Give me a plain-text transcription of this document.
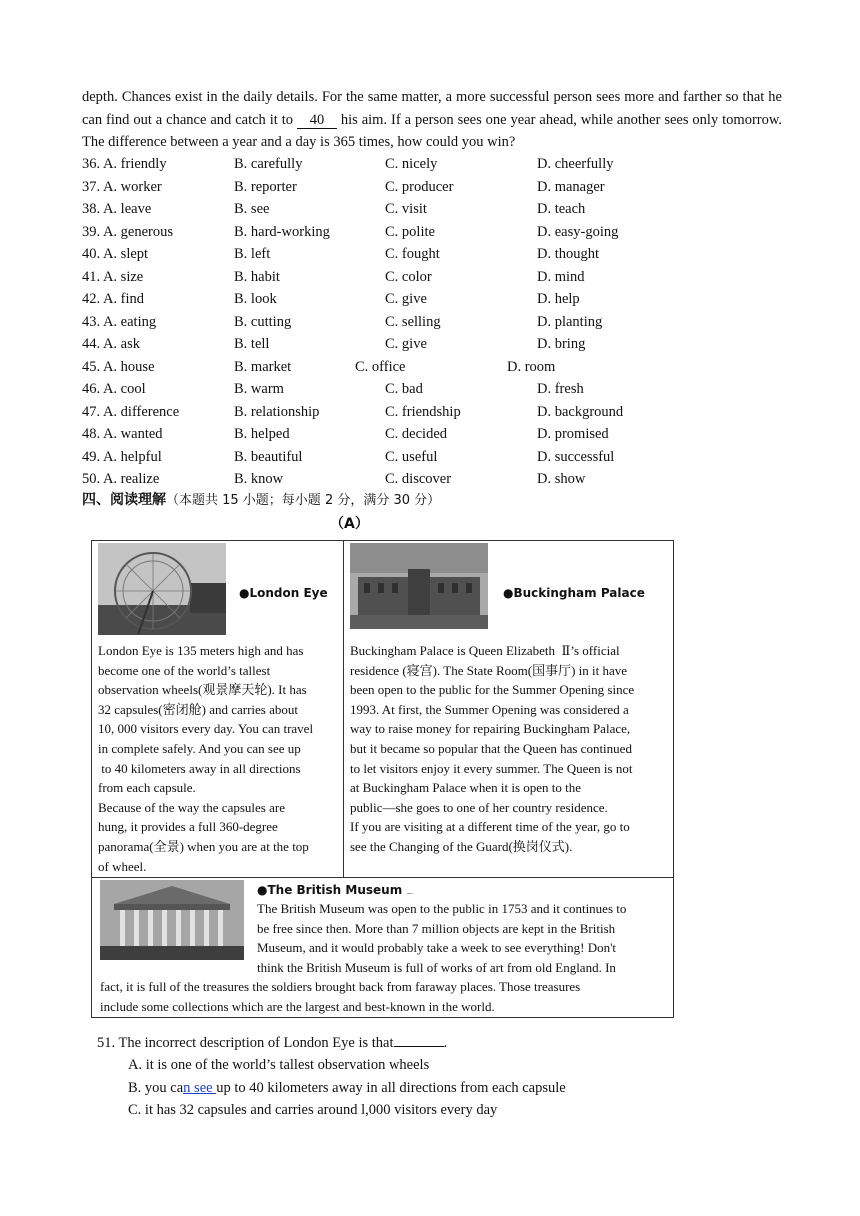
depth. Chances exist in the daily details. For the same matter, a more successful person sees more and farther so that he can find out a chance and catch it to 40 his aim. If a person sees one year ahead, while another sees only tomorrow. The difference between a year and a day is 365 times, how could you win?
36. A. friendly	B. carefully	C. nicely	D. cheerfully
37. A. worker	B. reporter	C. producer	D. manager
38. A. leave	B. see	C. visit	D. teach
39. A. generous	B. hard-working	C. polite	D. easy-going
40. A. slept	B. left	C. fought	D. thought
41. A. size	B. habit	C. color	D. mind
42. A. find	B. look	C. give	D. help
43. A. eating	B. cutting	C. selling	D. planting
44. A. ask	B. tell	C. give	D. bring
45. A. house	B. market	C. office	D. room
46. A. cool	B. warm	C. bad	D. fresh
47. A. difference	B. relationship	C. friendship	D. background
48. A. wanted	B. helped	C. decided	D. promised
49. A. helpful	B. beautiful	C. useful	D. successful
50. A. realize	B. know	C. discover	D. show
四、阅读理解（本题共 15 小题；每小题 2 分，满分 30 分）
（A）
●London Eye
London Eye is 135 meters high and has
become one of the world’s tallest
observation wheels(观景摩天轮). It has
32 capsules(密闭舱) and carries about
10, 000 visitors every day. You can travel
in complete safely. And you can see up
to 40 kilometers away in all directions
from each capsule.
Because of the way the capsules are
hung, it provides a full 360-degree
panorama(全景) when you are at the top
of wheel.
●Buckingham Palace
Buckingham Palace is Queen Elizabeth  Ⅱ’s official
residence (寝宫). The State Room(国事厅) in it have
been open to the public for the Summer Opening since
1993. At first, the Summer Opening was considered a
way to raise money for repairing Buckingham Palace,
but it became so popular that the Queen has continued
to let visitors enjoy it every summer. The Queen is not
at Buckingham Palace when it is open to the
public—she goes to one of her country residence.
If you are visiting at a different time of the year, go to
see the Changing of the Guard(换岗仪式).
●The British Museum –
The British Museum was open to the public in 1753 and it continues to
be free since then. More than 7 million objects are kept in the British
Museum, and it would probably take a week to see everything! Don't
think the British Museum is full of works of art from old England. In
fact, it is full of the treasures the soldiers brought back from faraway places. Those treasures
include some collections which are the largest and best-known in the world.
51. The incorrect description of London Eye is that	.
A. it is one of the world’s tallest observation wheels
B. you can see up to 40 kilometers away in all directions from each capsule
C. it has 32 capsules and carries around l,000 visitors every day
